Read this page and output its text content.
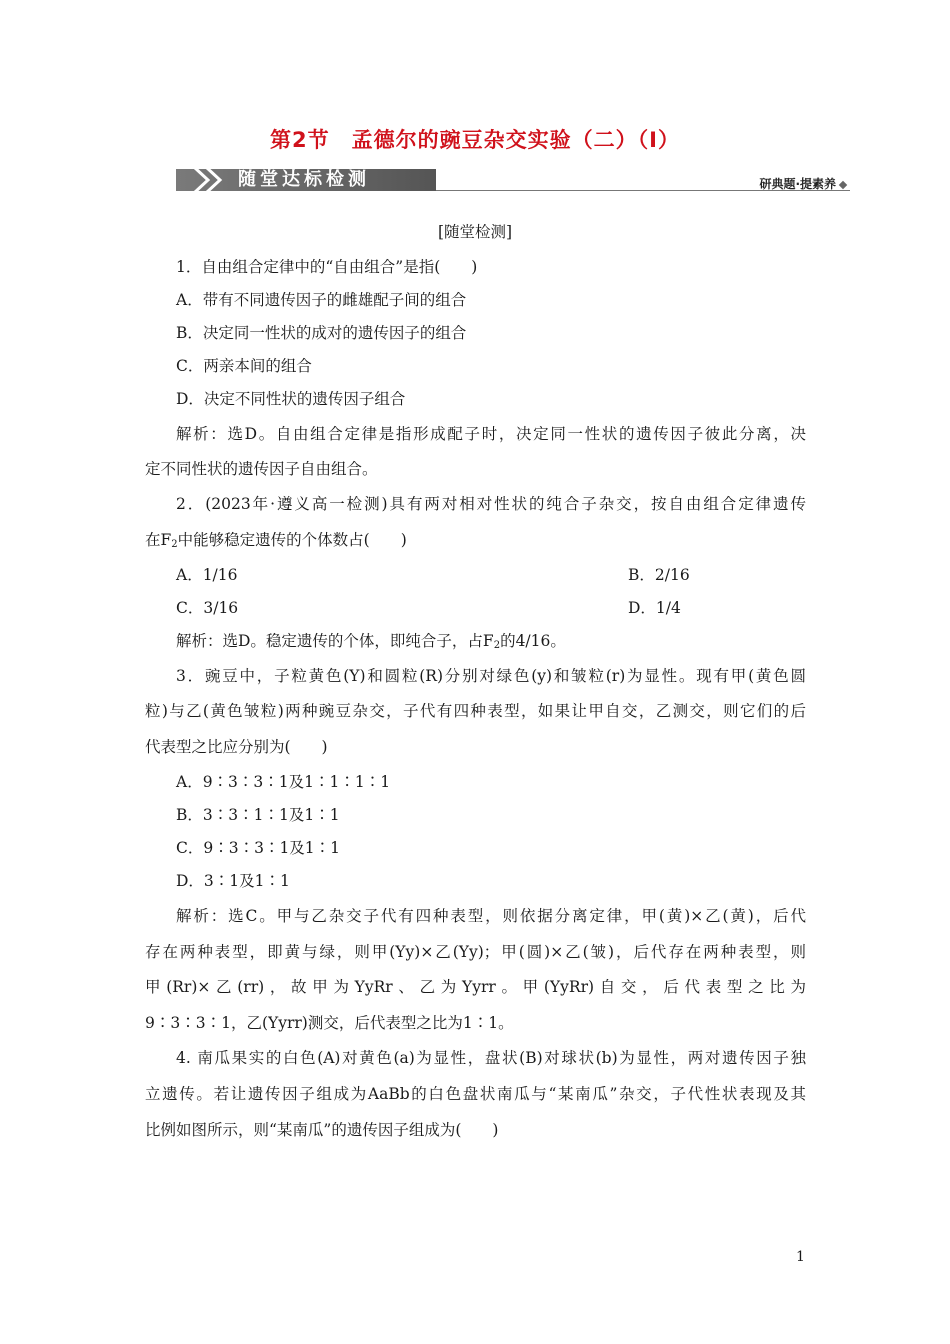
第2节　孟德尔的豌豆杂交实验（二）（Ⅰ）
随堂达标检测	研典题·提素养
[随堂检测]
1．自由组合定律中的“自由组合”是指(　　)
A．带有不同遗传因子的雌雄配子间的组合
B．决定同一性状的成对的遗传因子的组合
C．两亲本间的组合
D．决定不同性状的遗传因子组合
解析：选D。自由组合定律是指形成配子时，决定同一性状的遗传因子彼此分离，决
定不同性状的遗传因子自由组合。
2．(2023年·遵义高一检测)具有两对相对性状的纯合子杂交，按自由组合定律遗传
在$F_2$中能够稳定遗传的个体数占(　　)
A．1/16	B．2/16
C．3/16	D．1/4
解析：选D。稳定遗传的个体，即纯合子，占$F_2$的4/16。
3．豌豆中，子粒黄色(Y)和圆粒(R)分别对绿色(y)和皱粒(r)为显性。现有甲(黄色圆
粒)与乙(黄色皱粒)两种豌豆杂交，子代有四种表型，如果让甲自交，乙测交，则它们的后
代表型之比应分别为(　　)
A．9∶3∶3∶1及1∶1∶1∶1
B．3∶3∶1∶1及1∶1
C．9∶3∶3∶1及1∶1
D．3∶1及1∶1
解析：选C。甲与乙杂交子代有四种表型，则依据分离定律，甲(黄)×乙(黄)，后代
存在两种表型，即黄与绿，则甲(Yy)×乙(Yy)；甲(圆)×乙(皱)，后代存在两种表型，则
甲(Rr)×乙(rr)，故甲为YyRr、乙为Yyrr。甲(YyRr)自交，后代表型之比为
9∶3∶3∶1，乙(Yyrr)测交，后代表型之比为1∶1。
4. 南瓜果实的白色(A)对黄色(a)为显性，盘状(B)对球状(b)为显性，两对遗传因子独
立遗传。若让遗传因子组成为AaBb的白色盘状南瓜与“某南瓜”杂交，子代性状表现及其
比例如图所示，则“某南瓜”的遗传因子组成为(　　)
1
